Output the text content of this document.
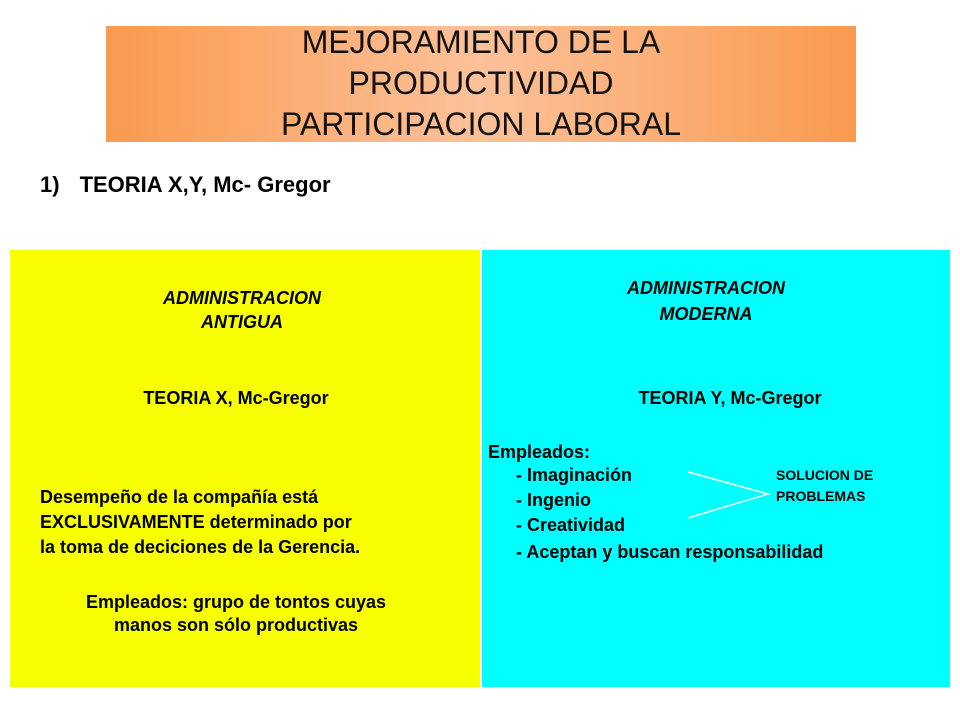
MEJORAMIENTO DE LA
PRODUCTIVIDAD
PARTICIPACION LABORAL
1) TEORIA X,Y, Mc- Gregor
ADMINISTRACION
ANTIGUA
TEORIA X, Mc-Gregor
Desempeño de la compañía está
EXCLUSIVAMENTE determinado por
la toma de deciciones de la Gerencia.
Empleados: grupo de tontos cuyas
manos son sólo productivas
ADMINISTRACION
MODERNA
TEORIA Y, Mc-Gregor
Empleados:
- Imaginación
- Ingenio
- Creatividad
- Aceptan y buscan responsabilidad
SOLUCION DE
PROBLEMAS
